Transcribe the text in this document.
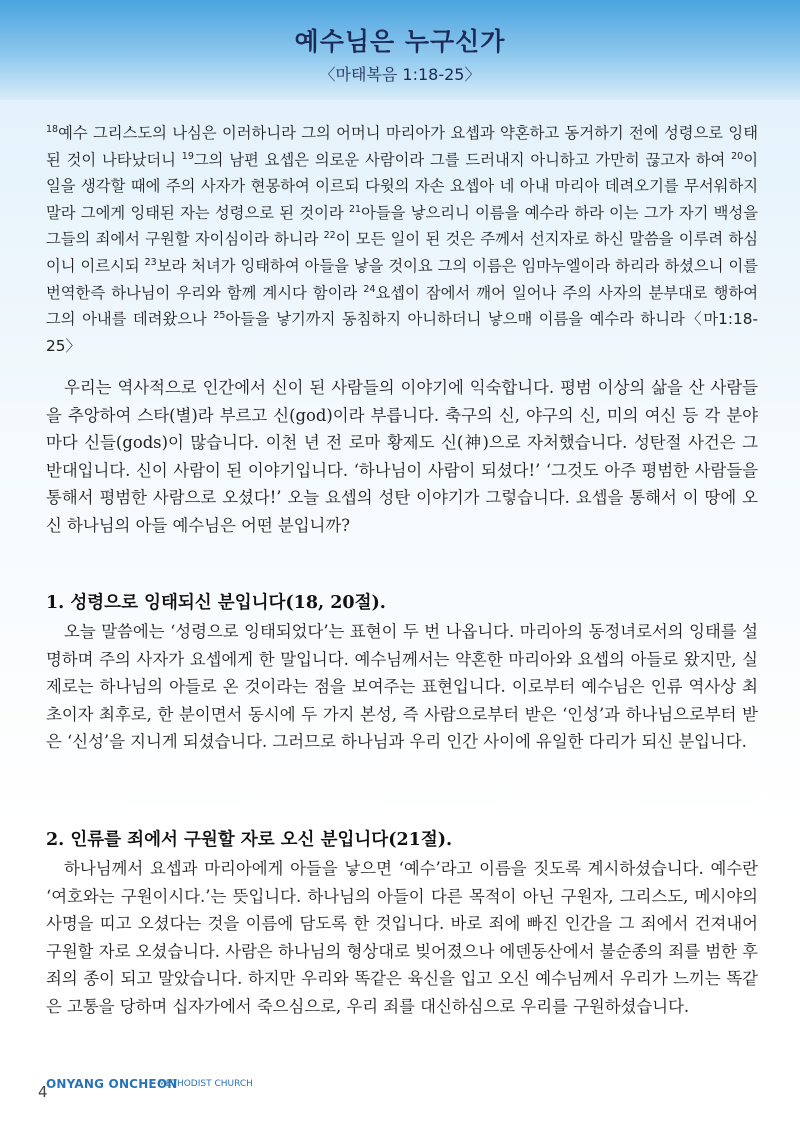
예수님은 누구신가
〈마태복음 1:18-25〉
$^{18}$예수 그리스도의 나심은 이러하니라 그의 어머니 마리아가 요셉과 약혼하고 동거하기 전에 성령으로 잉태된 것이 나타났더니 $^{19}$그의 남편 요셉은 의로운 사람이라 그를 드러내지 아니하고 가만히 끊고자 하여 $^{20}$이 일을 생각할 때에 주의 사자가 현몽하여 이르되 다윗의 자손 요셉아 네 아내 마리아 데려오기를 무서워하지 말라 그에게 잉태된 자는 성령으로 된 것이라 $^{21}$아들을 낳으리니 이름을 예수라 하라 이는 그가 자기 백성을 그들의 죄에서 구원할 자이심이라 하니라 $^{22}$이 모든 일이 된 것은 주께서 선지자로 하신 말씀을 이루려 하심이니 이르시되 $^{23}$보라 처녀가 잉태하여 아들을 낳을 것이요 그의 이름은 임마누엘이라 하리라 하셨으니 이를 번역한즉 하나님이 우리와 함께 계시다 함이라 $^{24}$요셉이 잠에서 깨어 일어나 주의 사자의 분부대로 행하여 그의 아내를 데려왔으나 $^{25}$아들을 낳기까지 동침하지 아니하더니 낳으매 이름을 예수라 하니라〈마1:18-25〉

우리는 역사적으로 인간에서 신이 된 사람들의 이야기에 익숙합니다. 평범 이상의 삶을 산 사람들을 추앙하여 스타(별)라 부르고 신(god)이라 부릅니다. 축구의 신, 야구의 신, 미의 여신 등 각 분야마다 신들(gods)이 많습니다. 이천 년 전 로마 황제도 신(神)으로 자처했습니다. 성탄절 사건은 그 반대입니다. 신이 사람이 된 이야기입니다. ‘하나님이 사람이 되셨다!’ ‘그것도 아주 평범한 사람들을 통해서 평범한 사람으로 오셨다!’ 오늘 요셉의 성탄 이야기가 그렇습니다. 요셉을 통해서 이 땅에 오신 하나님의 아들 예수님은 어떤 분입니까?

1. 성령으로 잉태되신 분입니다(18, 20절).

오늘 말씀에는 ‘성령으로 잉태되었다’는 표현이 두 번 나옵니다. 마리아의 동정녀로서의 잉태를 설명하며 주의 사자가 요셉에게 한 말입니다. 예수님께서는 약혼한 마리아와 요셉의 아들로 왔지만, 실제로는 하나님의 아들로 온 것이라는 점을 보여주는 표현입니다. 이로부터 예수님은 인류 역사상 최초이자 최후로, 한 분이면서 동시에 두 가지 본성, 즉 사람으로부터 받은 ‘인성’과 하나님으로부터 받은 ‘신성’을 지니게 되셨습니다. 그러므로 하나님과 우리 인간 사이에 유일한 다리가 되신 분입니다.

2. 인류를 죄에서 구원할 자로 오신 분입니다(21절).

하나님께서 요셉과 마리아에게 아들을 낳으면 ‘예수’라고 이름을 짓도록 계시하셨습니다. 예수란 ‘여호와는 구원이시다.’는 뜻입니다. 하나님의 아들이 다른 목적이 아닌 구원자, 그리스도, 메시야의 사명을 띠고 오셨다는 것을 이름에 담도록 한 것입니다. 바로 죄에 빠진 인간을 그 죄에서 건져내어 구원할 자로 오셨습니다. 사람은 하나님의 형상대로 빚어졌으나 에덴동산에서 불순종의 죄를 범한 후 죄의 종이 되고 말았습니다. 하지만 우리와 똑같은 육신을 입고 오신 예수님께서 우리가 느끼는 똑같은 고통을 당하며 십자가에서 죽으심으로, 우리 죄를 대신하심으로 우리를 구원하셨습니다.

4
ONYANG ONCHEON
METHODIST CHURCH
